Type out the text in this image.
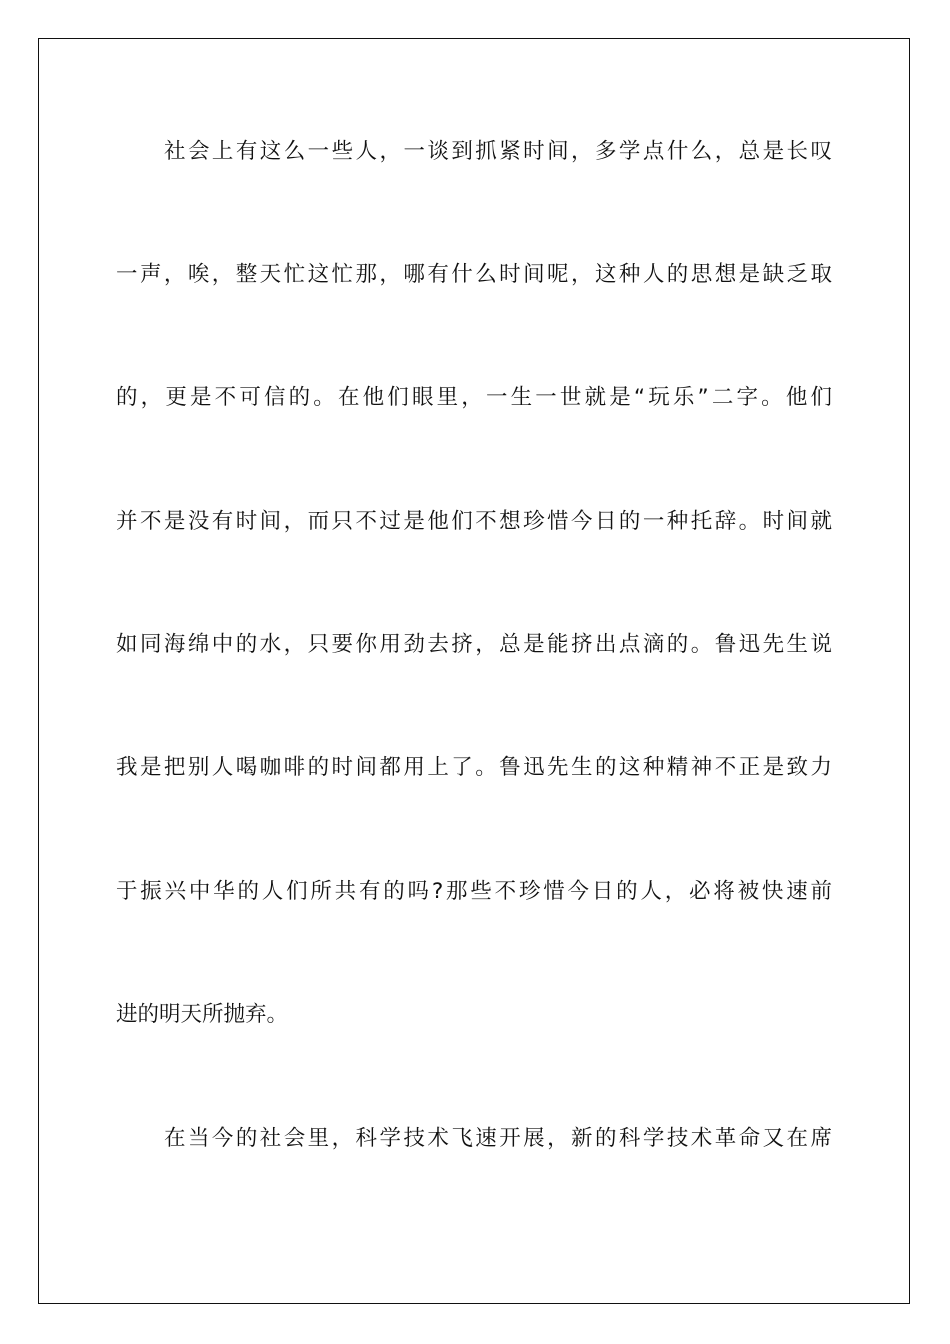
社会上有这么一些人，一谈到抓紧时间，多学点什么，总是长叹

一声，唉，整天忙这忙那，哪有什么时间呢，这种人的思想是缺乏取

的，更是不可信的。在他们眼里，一生一世就是“玩乐”二字。他们

并不是没有时间，而只不过是他们不想珍惜今日的一种托辞。时间就

如同海绵中的水，只要你用劲去挤，总是能挤出点滴的。鲁迅先生说

我是把别人喝咖啡的时间都用上了。鲁迅先生的这种精神不正是致力

于振兴中华的人们所共有的吗?那些不珍惜今日的人，必将被快速前

进的明天所抛弃。

在当今的社会里，科学技术飞速开展，新的科学技术革命又在席
